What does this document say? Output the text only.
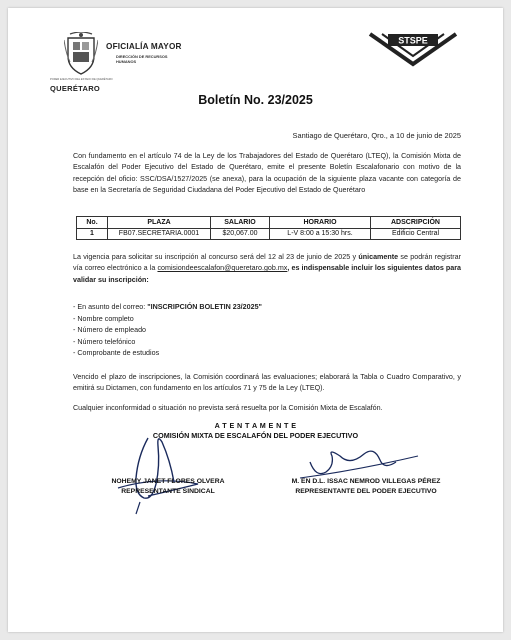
OFICIALÍA MAYOR
DIRECCIÓN DE RECURSOS
HUMANOS
PODER EJECUTIVO DEL ESTADO DE QUERÉTARO
QUERÉTARO
STSPE
Boletín No. 23/2025
Santiago de Querétaro, Qro., a 10 de junio de 2025
Con fundamento en el artículo 74 de la Ley de los Trabajadores del Estado de Querétaro (LTEQ), la Comisión Mixta de Escalafón del Poder Ejecutivo del Estado de Querétaro, emite el presente Boletín Escalafonario con motivo de la recepción del oficio: SSC/DSA/1527/2025 (se anexa), para la ocupación de la siguiente plaza vacante con categoría de base en la Secretaría de Seguridad Ciudadana del Poder Ejecutivo del Estado de Querétaro
No.	PLAZA	SALARIO	HORARIO	ADSCRIPCIÓN
1	FB07.SECRETARIA.0001	$20,067.00	L-V 8:00 a 15:30 hrs.	Edificio Central
La vigencia para solicitar su inscripción al concurso será del 12 al 23 de junio de 2025 y únicamente se podrán registrar vía correo electrónico a la comisiondeescalafon@queretaro.gob.mx, es indispensable incluir los siguientes datos para validar su inscripción:
- En asunto del correo: "INSCRIPCIÓN BOLETIN 23/2025"
- Nombre completo
- Número de empleado
- Número telefónico
- Comprobante de estudios
Vencido el plazo de inscripciones, la Comisión coordinará las evaluaciones; elaborará la Tabla o Cuadro Comparativo, y emitirá su Dictamen, con fundamento en los artículos 71 y 75 de la Ley (LTEQ).
Cualquier inconformidad o situación no prevista será resuelta por la Comisión Mixta de Escalafón.
A T E N T A M E N T E
COMISIÓN MIXTA DE ESCALAFÓN DEL PODER EJECUTIVO
NOHEMY JANET FLORES OLVERA
REPRESENTANTE SINDICAL
M. EN D.L. ISSAC NEMROD VILLEGAS PÉREZ
REPRESENTANTE DEL PODER EJECUTIVO
